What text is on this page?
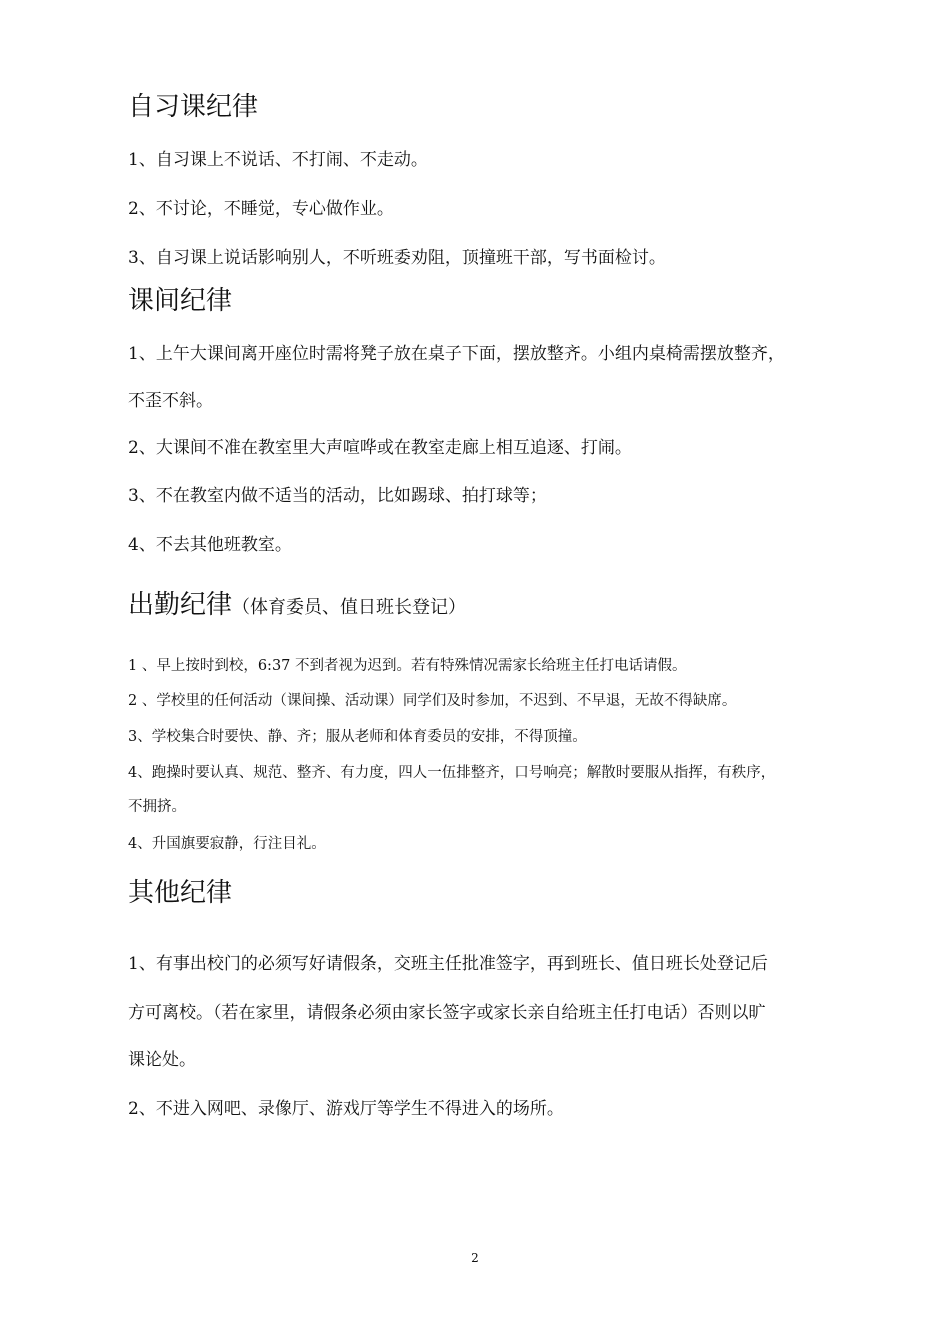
自习课纪律
1、自习课上不说话、不打闹、不走动。
2、不讨论，不睡觉，专心做作业。
3、自习课上说话影响别人，不听班委劝阻，顶撞班干部，写书面检讨。
课间纪律
1、上午大课间离开座位时需将凳子放在桌子下面，摆放整齐。小组内桌椅需摆放整齐，
不歪不斜。
2、大课间不准在教室里大声喧哗或在教室走廊上相互追逐、打闹。
3、不在教室内做不适当的活动，比如踢球、拍打球等；
4、不去其他班教室。
出勤纪律（体育委员、值日班长登记）
1 、早上按时到校，6:37 不到者视为迟到。若有特殊情况需家长给班主任打电话请假。
2 、学校里的任何活动（课间操、活动课）同学们及时参加，不迟到、不早退，无故不得缺席。
3、学校集合时要快、静、齐；服从老师和体育委员的安排，不得顶撞。
4、跑操时要认真、规范、整齐、有力度，四人一伍排整齐，口号响亮；解散时要服从指挥，有秩序，
不拥挤。
4、升国旗要寂静，行注目礼。
其他纪律
1、有事出校门的必须写好请假条，交班主任批准签字，再到班长、值日班长处登记后
方可离校。（若在家里，请假条必须由家长签字或家长亲自给班主任打电话）否则以旷
课论处。
2、不进入网吧、录像厅、游戏厅等学生不得进入的场所。
2
